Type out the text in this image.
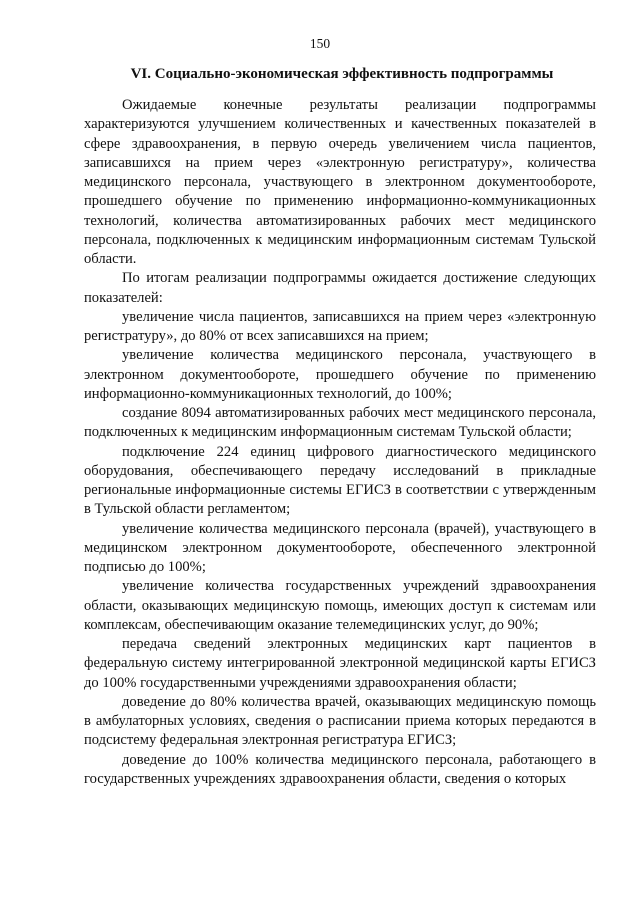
150
VI. Социально-экономическая эффективность подпрограммы

Ожидаемые конечные результаты реализации подпрограммы характеризуются улучшением количественных и качественных показателей в сфере здравоохранения, в первую очередь увеличением числа пациентов, записавшихся на прием через «электронную регистратуру», количества медицинского персонала, участвующего в электронном документообороте, прошедшего обучение по применению информационно-коммуникационных технологий, количества автоматизированных рабочих мест медицинского персонала, подключенных к медицинским информационным системам Тульской области.

По итогам реализации подпрограммы ожидается достижение следующих показателей:

увеличение числа пациентов, записавшихся на прием через «электронную регистратуру», до 80% от всех записавшихся на прием;

увеличение количества медицинского персонала, участвующего в электронном документообороте, прошедшего обучение по применению информационно-коммуникационных технологий, до 100%;

создание 8094 автоматизированных рабочих мест медицинского персонала, подключенных к медицинским информационным системам Тульской области;

подключение 224 единиц цифрового диагностического медицинского оборудования, обеспечивающего передачу исследований в прикладные региональные информационные системы ЕГИСЗ в соответствии с утвержденным в Тульской области регламентом;

увеличение количества медицинского персонала (врачей), участвующего в медицинском электронном документообороте, обеспеченного электронной подписью до 100%;

увеличение количества государственных учреждений здравоохранения области, оказывающих медицинскую помощь, имеющих доступ к системам или комплексам, обеспечивающим оказание телемедицинских услуг, до 90%;

передача сведений электронных медицинских карт пациентов в федеральную систему интегрированной электронной медицинской карты ЕГИСЗ до 100% государственными учреждениями здравоохранения области;

доведение до 80% количества врачей, оказывающих медицинскую помощь в амбулаторных условиях, сведения о расписании приема которых передаются в подсистему федеральная электронная регистратура ЕГИСЗ;

доведение до 100% количества медицинского персонала, работающего в государственных учреждениях здравоохранения области, сведения о которых
